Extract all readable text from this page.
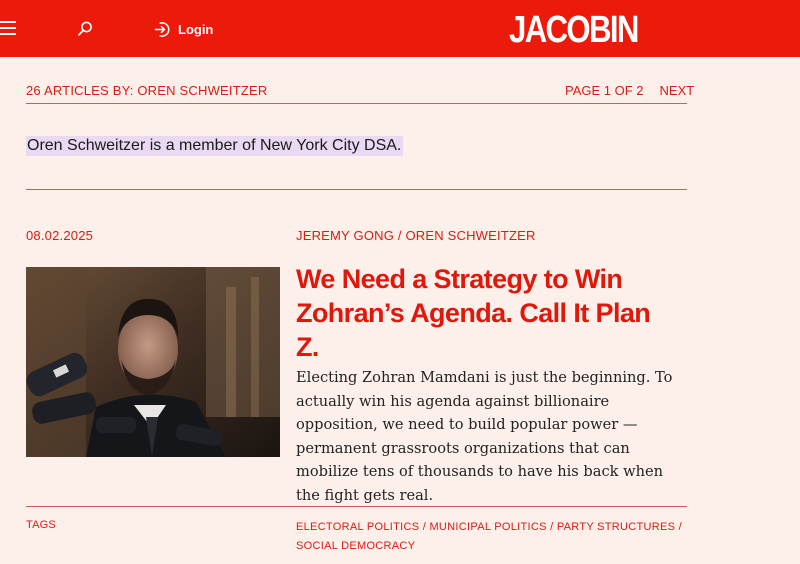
Login	JACOBIN
26 ARTICLES BY: OREN SCHWEITZER	PAGE 1 OF 2 NEXT
Oren Schweitzer is a member of New York City DSA.
08.02.2025	JEREMY GONG / OREN SCHWEITZER
We Need a Strategy to Win Zohran’s Agenda. Call It Plan Z.
Electing Zohran Mamdani is just the beginning. To actually win his agenda against billionaire opposition, we need to build popular power — permanent grassroots organizations that can mobilize tens of thousands to have his back when the fight gets real.
TAGS	ELECTORAL POLITICS / MUNICIPAL POLITICS / PARTY STRUCTURES / SOCIAL DEMOCRACY
